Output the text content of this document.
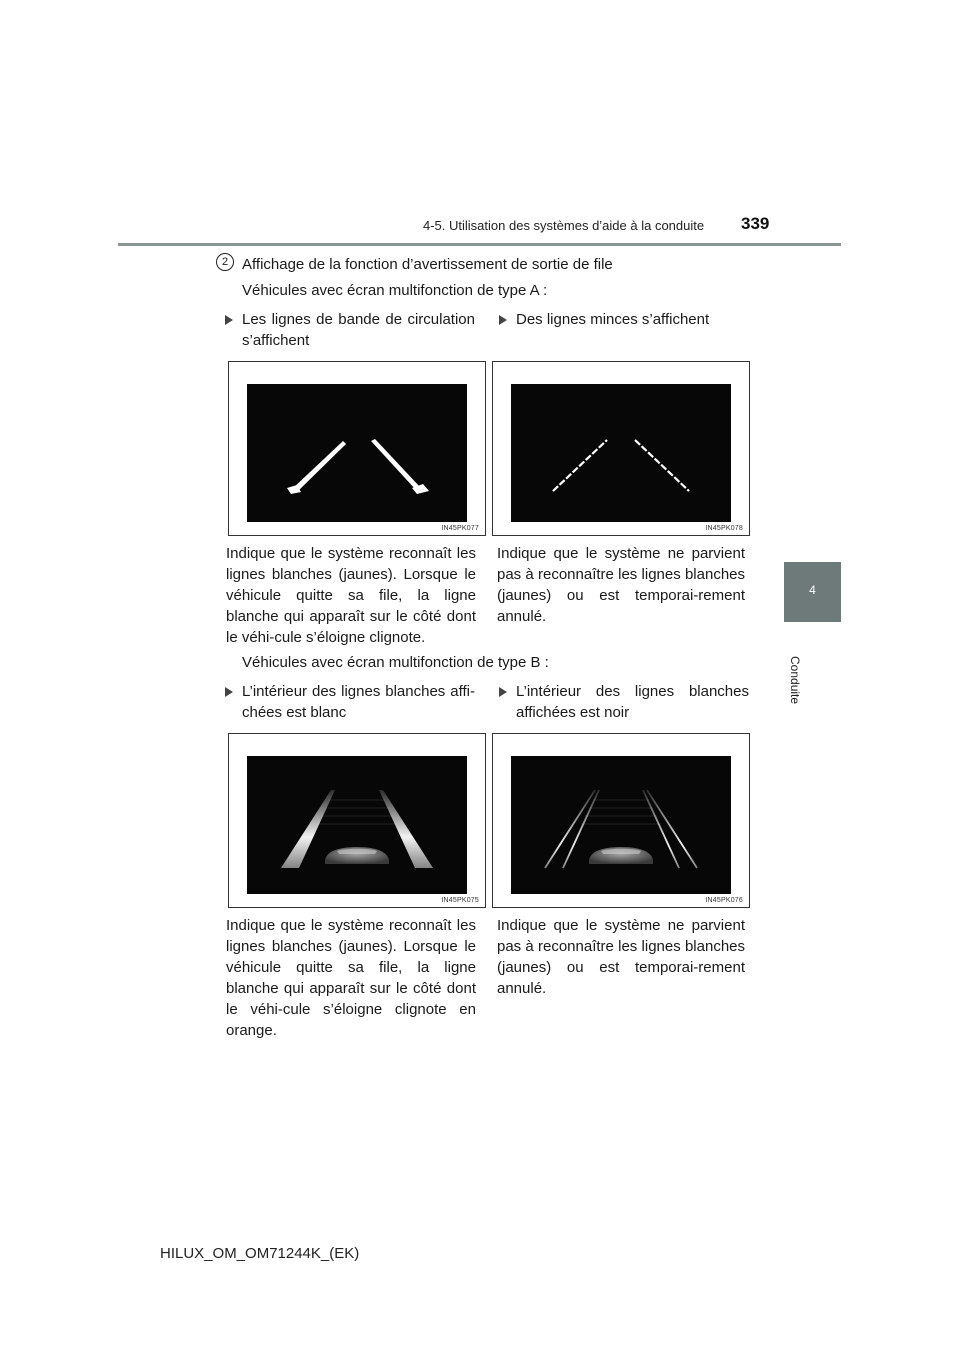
4-5. Utilisation des systèmes d’aide à la conduite 339
4
Conduite
2 Affichage de la fonction d’avertissement de sortie de file
Véhicules avec écran multifonction de type A :
Les lignes de bande de circulation s’affichent
Des lignes minces s’affichent
IN45PK077	IN45PK078
Indique que le système reconnaît les lignes blanches (jaunes). Lorsque le véhicule quitte sa file, la ligne blanche qui apparaît sur le côté dont le véhi-cule s’éloigne clignote.
Indique que le système ne parvient pas à reconnaître les lignes blanches (jaunes) ou est temporai-rement annulé.
Véhicules avec écran multifonction de type B :
L’intérieur des lignes blanches affi-chées est blanc
L’intérieur des lignes blanches affichées est noir
IN45PK075	IN45PK076
Indique que le système reconnaît les lignes blanches (jaunes). Lorsque le véhicule quitte sa file, la ligne blanche qui apparaît sur le côté dont le véhi-cule s’éloigne clignote en orange.
Indique que le système ne parvient pas à reconnaître les lignes blanches (jaunes) ou est temporai-rement annulé.
HILUX_OM_OM71244K_(EK)
